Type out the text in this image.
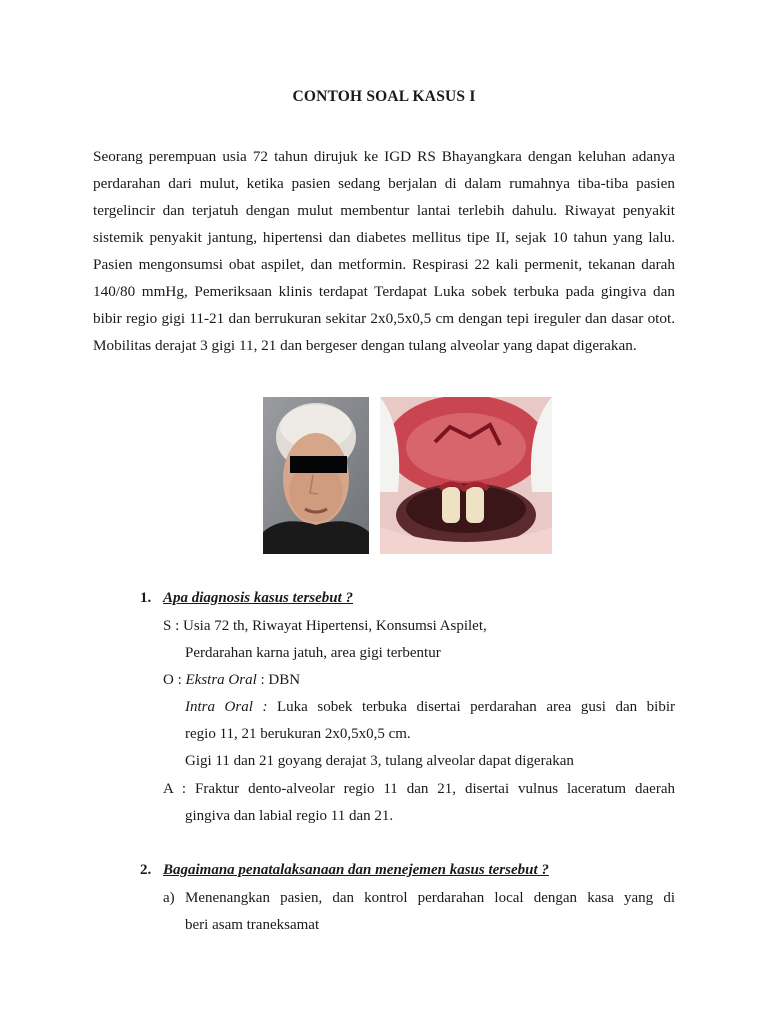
CONTOH SOAL KASUS I

Seorang perempuan usia 72 tahun dirujuk ke IGD RS Bhayangkara dengan keluhan adanya perdarahan dari mulut, ketika pasien sedang berjalan di dalam rumahnya tiba-tiba pasien tergelincir dan terjatuh dengan mulut membentur lantai terlebih dahulu. Riwayat penyakit sistemik penyakit jantung, hipertensi dan diabetes mellitus tipe II, sejak 10 tahun yang lalu. Pasien mengonsumsi obat aspilet, dan metformin. Respirasi 22 kali permenit, tekanan darah 140/80 mmHg, Pemeriksaan klinis terdapat Terdapat Luka sobek terbuka pada gingiva dan bibir regio gigi 11-21 dan berrukuran sekitar 2x0,5x0,5 cm dengan tepi ireguler dan dasar otot. Mobilitas derajat 3 gigi 11, 21 dan bergeser dengan tulang alveolar yang dapat digerakan.

1. Apa diagnosis kasus tersebut ?
S : Usia 72 th, Riwayat Hipertensi, Konsumsi Aspilet,
Perdarahan karna jatuh, area gigi terbentur
O : Ekstra Oral : DBN
Intra Oral : Luka sobek terbuka disertai perdarahan area gusi dan bibir
regio 11, 21 berukuran 2x0,5x0,5 cm.
Gigi 11 dan 21 goyang derajat 3, tulang alveolar dapat digerakan
A : Fraktur dento-alveolar regio 11 dan 21, disertai vulnus laceratum daerah
gingiva dan labial regio 11 dan 21.
2. Bagaimana penatalaksanaan dan menejemen kasus tersebut ?
a) Menenangkan pasien, dan kontrol perdarahan local dengan kasa yang di
beri asam traneksamat
